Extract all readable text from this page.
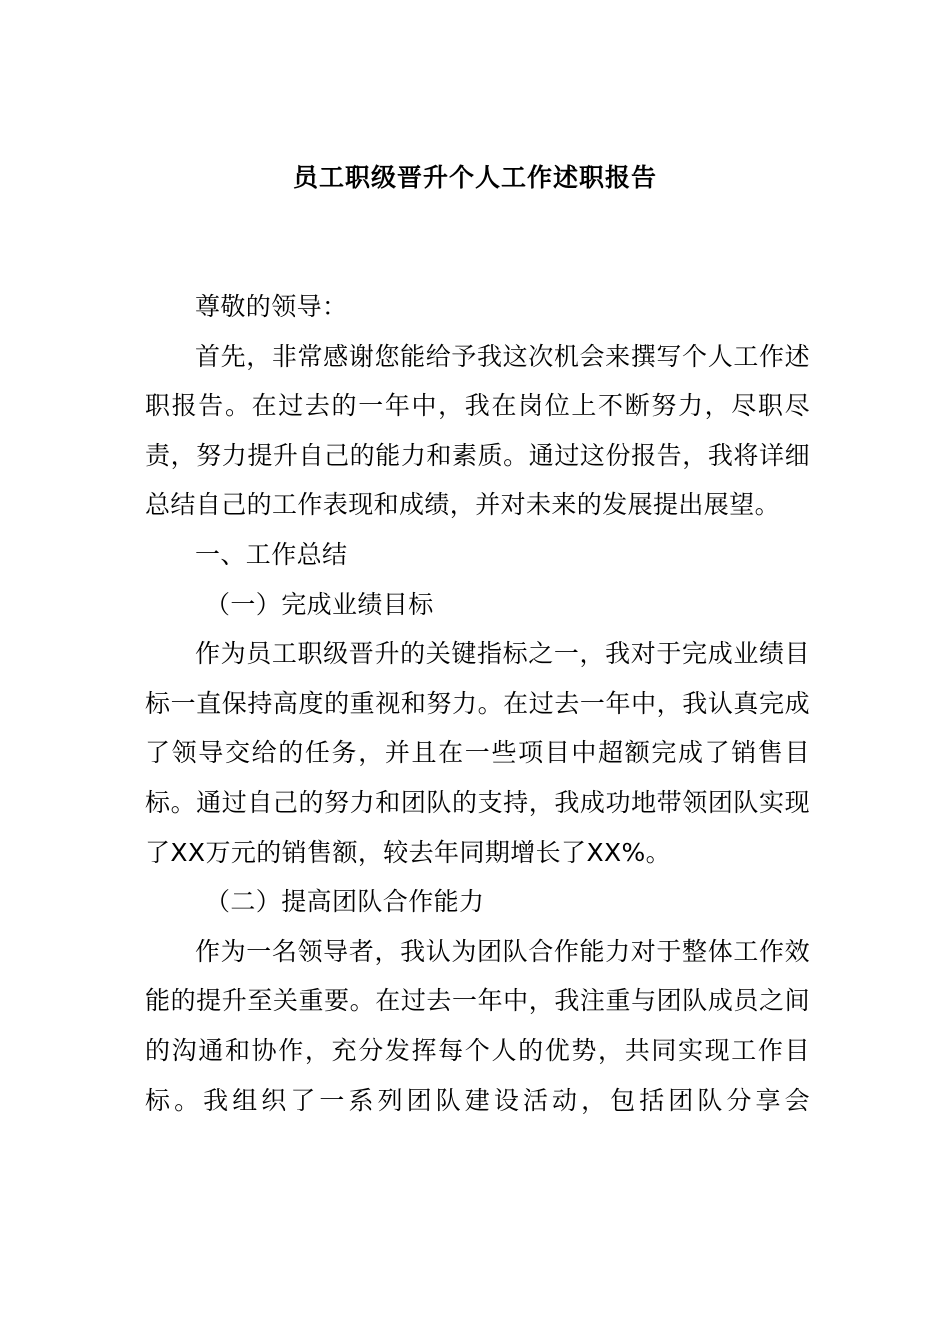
员工职级晋升个人工作述职报告

尊敬的领导：

首先，非常感谢您能给予我这次机会来撰写个人工作述职报告。在过去的一年中，我在岗位上不断努力，尽职尽责，努力提升自己的能力和素质。通过这份报告，我将详细总结自己的工作表现和成绩，并对未来的发展提出展望。

一、工作总结

（一）完成业绩目标

作为员工职级晋升的关键指标之一，我对于完成业绩目标一直保持高度的重视和努力。在过去一年中，我认真完成了领导交给的任务，并且在一些项目中超额完成了销售目标。通过自己的努力和团队的支持，我成功地带领团队实现了XX万元的销售额，较去年同期增长了XX%。

（二）提高团队合作能力

作为一名领导者，我认为团队合作能力对于整体工作效能的提升至关重要。在过去一年中，我注重与团队成员之间的沟通和协作，充分发挥每个人的优势，共同实现工作目标。我组织了一系列团队建设活动，包括团队分享会
